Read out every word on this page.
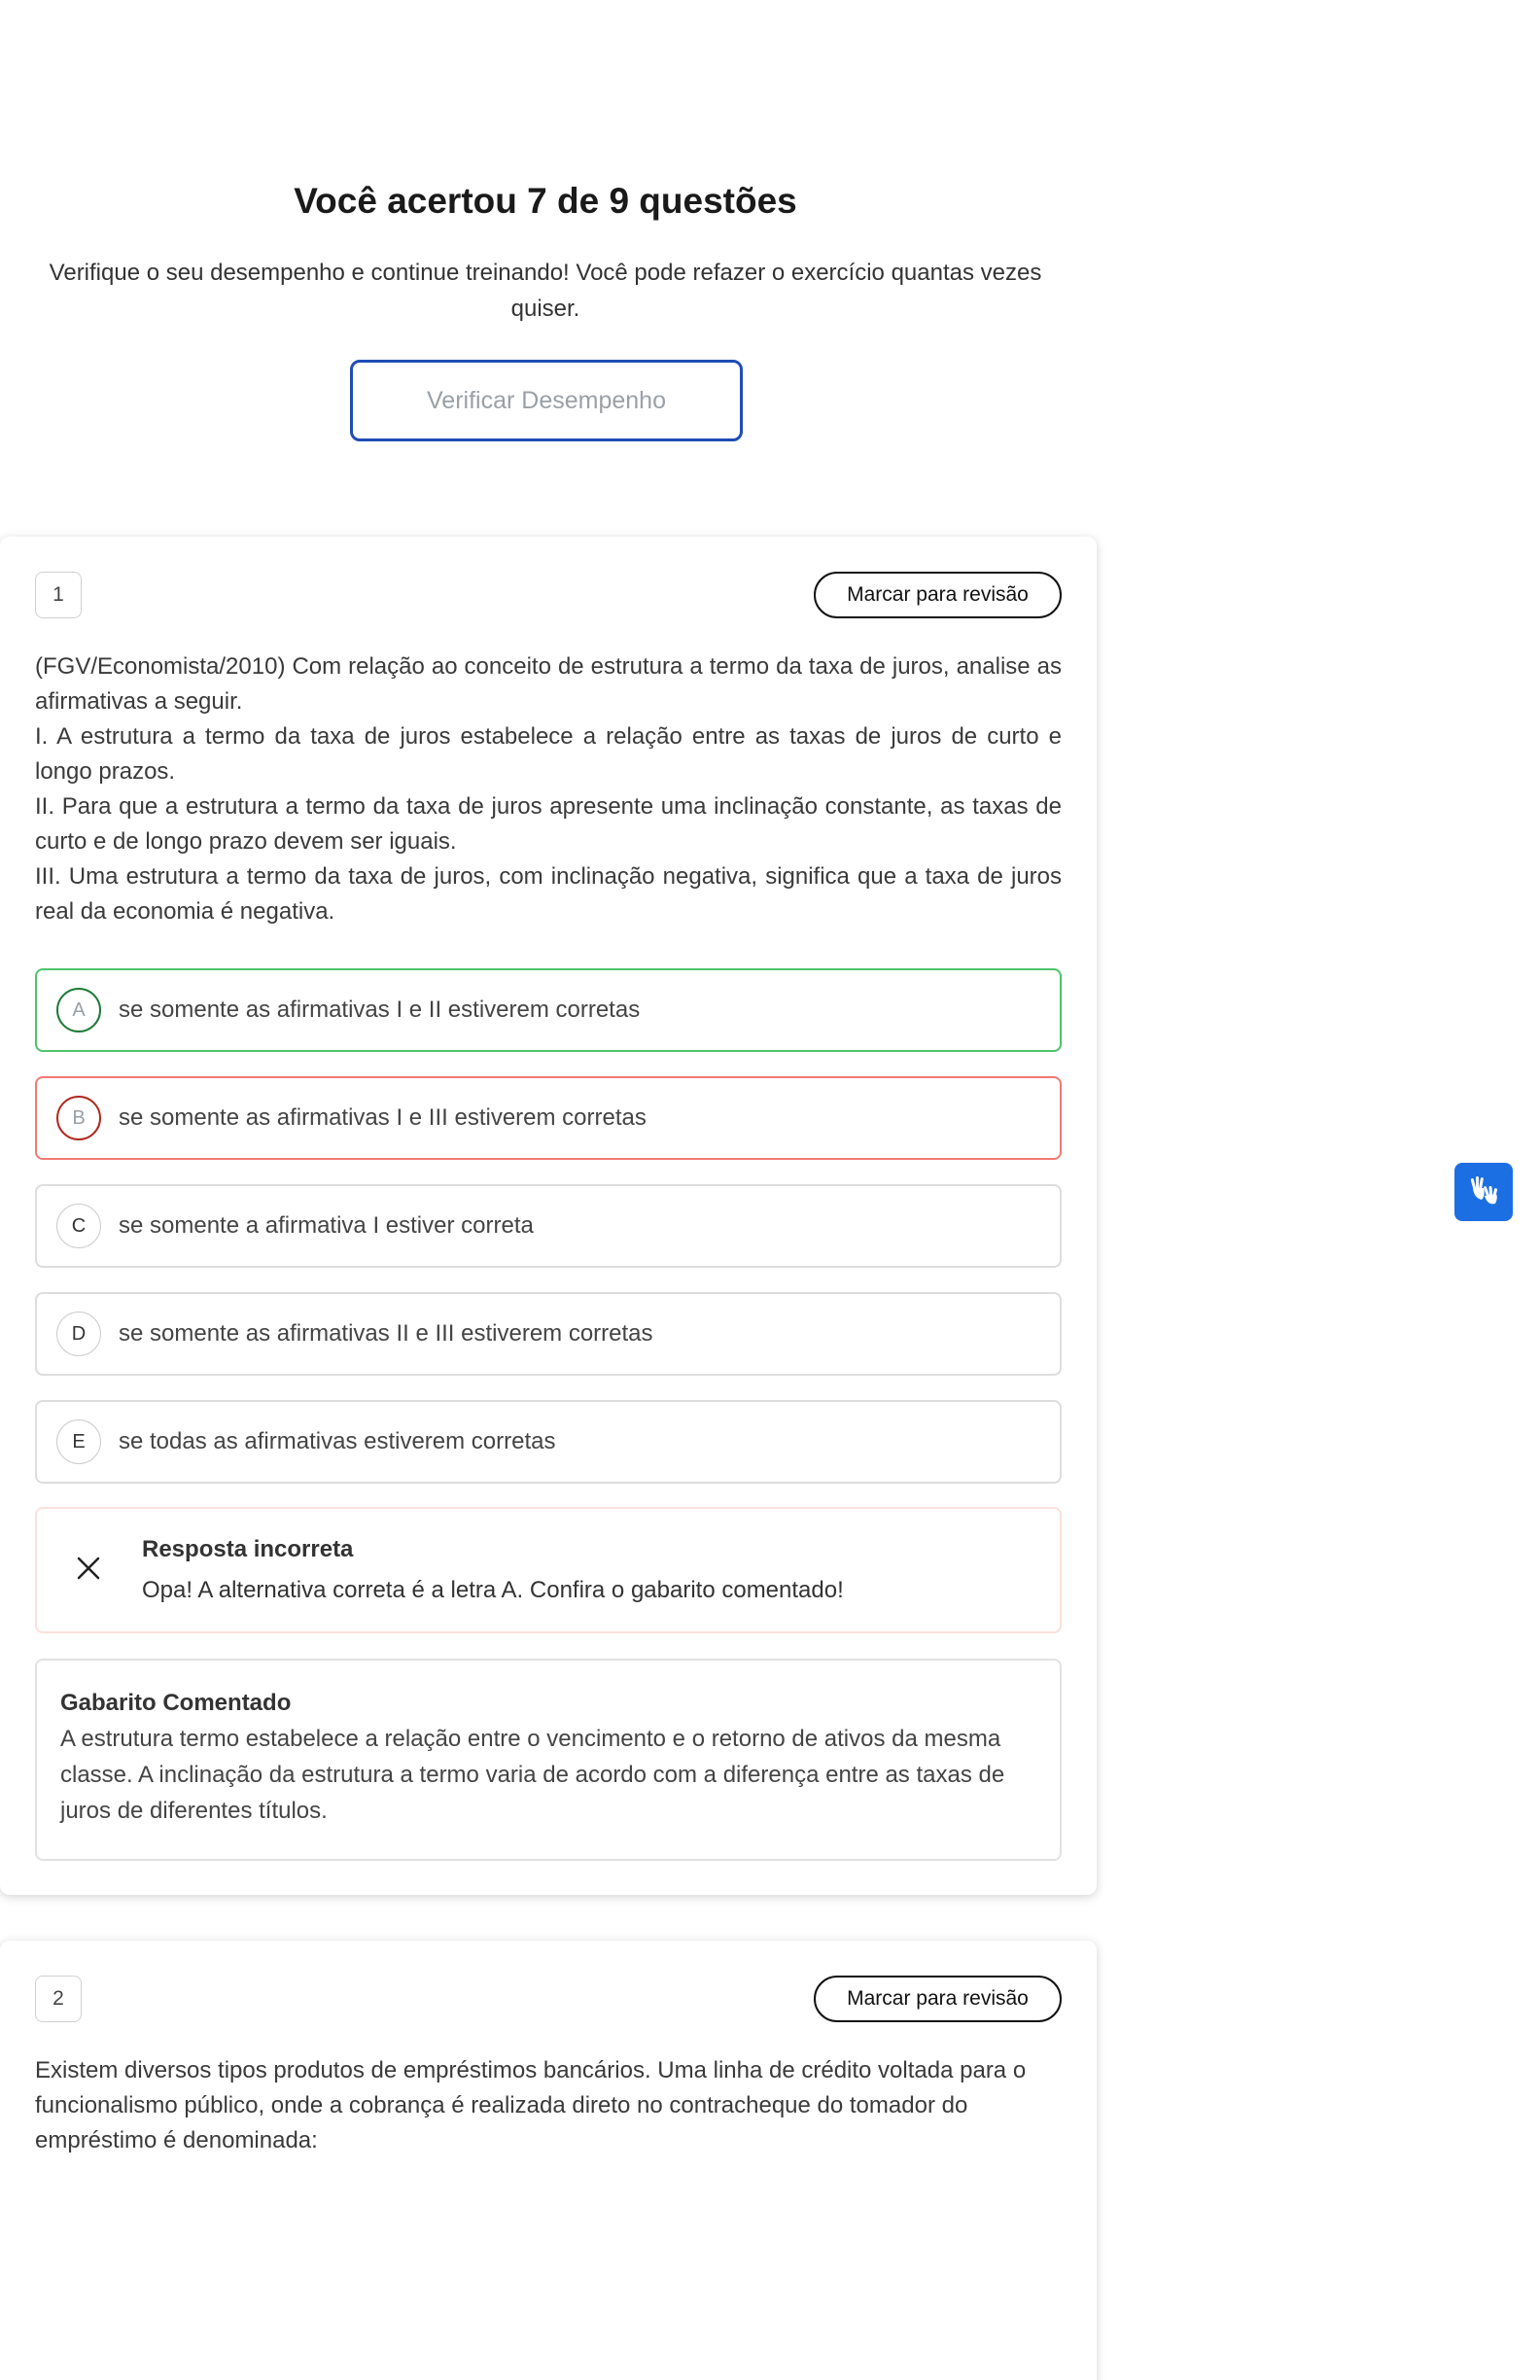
Você acertou 7 de 9 questões
Verifique o seu desempenho e continue treinando! Você pode refazer o exercício quantas vezes quiser.
Verificar Desempenho
1	Marcar para revisão

(FGV/Economista/2010) Com relação ao conceito de estrutura a termo da taxa de juros, analise as afirmativas a seguir.

I. A estrutura a termo da taxa de juros estabelece a relação entre as taxas de juros de curto e longo prazos.

II. Para que a estrutura a termo da taxa de juros apresente uma inclinação constante, as taxas de curto e de longo prazo devem ser iguais.

III. Uma estrutura a termo da taxa de juros, com inclinação negativa, significa que a taxa de juros real da economia é negativa.

A	se somente as afirmativas I e II estiverem corretas
B	se somente as afirmativas I e III estiverem corretas
C	se somente a afirmativa I estiver correta
D	se somente as afirmativas II e III estiverem corretas
E	se todas as afirmativas estiverem corretas
Resposta incorreta
Opa! A alternativa correta é a letra A. Confira o gabarito comentado!
Gabarito Comentado
A estrutura termo estabelece a relação entre o vencimento e o retorno de ativos da mesma classe. A inclinação da estrutura a termo varia de acordo com a diferença entre as taxas de juros de diferentes títulos.
2	Marcar para revisão
Existem diversos tipos produtos de empréstimos bancários. Uma linha de crédito voltada para o funcionalismo público, onde a cobrança é realizada direto no contracheque do tomador do empréstimo é denominada:
